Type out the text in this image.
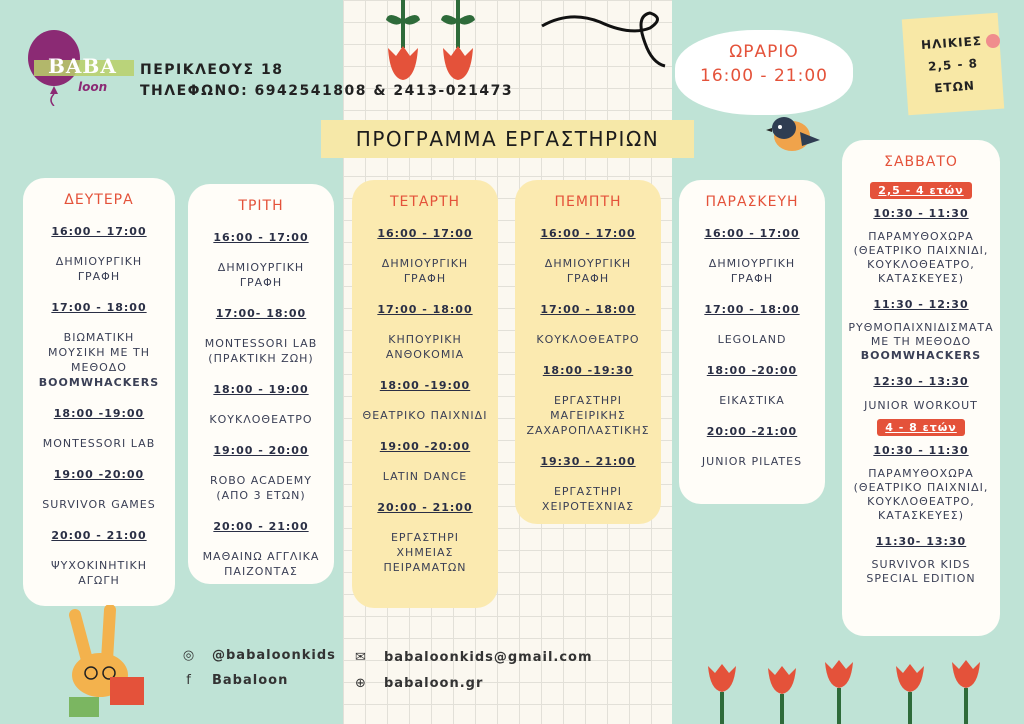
BABA
loon
ΠΕΡΙΚΛΕΟΥΣ 18
ΤΗΛΕΦΩΝΟ: 6942541808 & 2413-021473
ΠΡΟΓΡΑΜΜΑ ΕΡΓΑΣΤΗΡΙΩΝ
ΩΡΑΡΙΟ
16:00 - 21:00
ΗΛΙΚΙΕΣ
2,5 - 8
ΕΤΩΝ
ΔΕΥΤΕΡΑ
16:00 - 17:00
ΔΗΜΙΟΥΡΓΙΚΗ ΓΡΑΦΗ
17:00 - 18:00
ΒΙΩΜΑΤΙΚΗ ΜΟΥΣΙΚΗ ΜΕ ΤΗ ΜΕΘΟΔΟ
BOOMWHACKERS
18:00 -19:00
MONTESSORI LAB
19:00 -20:00
SURVIVOR GAMES
20:00 - 21:00
ΨΥΧΟΚΙΝΗΤΙΚΗ ΑΓΩΓΗ
ΤΡΙΤΗ
16:00 - 17:00
ΔΗΜΙΟΥΡΓΙΚΗ ΓΡΑΦΗ
17:00- 18:00
MONTESSORI LAB (ΠΡΑΚΤΙΚΗ ΖΩΗ)
18:00 - 19:00
ΚΟΥΚΛΟΘΕΑΤΡΟ
19:00 - 20:00
ROBO ACADEMY (ΑΠΟ 3 ΕΤΩΝ)
20:00 - 21:00
ΜΑΘΑΙΝΩ ΑΓΓΛΙΚΑ ΠΑΙΖΟΝΤΑΣ
ΤΕΤΑΡΤΗ
16:00 - 17:00
ΔΗΜΙΟΥΡΓΙΚΗ ΓΡΑΦΗ
17:00 - 18:00
ΚΗΠΟΥΡΙΚΗ ΑΝΘΟΚΟΜΙΑ
18:00 -19:00
ΘΕΑΤΡΙΚΟ ΠΑΙΧΝΙΔΙ
19:00 -20:00
LATIN DANCE
20:00 - 21:00
ΕΡΓΑΣΤΗΡΙ ΧΗΜΕΙΑΣ ΠΕΙΡΑΜΑΤΩΝ
ΠΕΜΠΤΗ
16:00 - 17:00
ΔΗΜΙΟΥΡΓΙΚΗ ΓΡΑΦΗ
17:00 - 18:00
ΚΟΥΚΛΟΘΕΑΤΡΟ
18:00 -19:30
ΕΡΓΑΣΤΗΡΙ ΜΑΓΕΙΡΙΚΗΣ ΖΑΧΑΡΟΠΛΑΣΤΙΚΗΣ
19:30 - 21:00
ΕΡΓΑΣΤΗΡΙ ΧΕΙΡΟΤΕΧΝΙΑΣ
ΠΑΡΑΣΚΕΥΗ
16:00 - 17:00
ΔΗΜΙΟΥΡΓΙΚΗ ΓΡΑΦΗ
17:00 - 18:00
LEGOLAND
18:00 -20:00
ΕΙΚΑΣΤΙΚΑ
20:00 -21:00
JUNIOR PILATES
ΣΑΒΒΑΤΟ
2,5 - 4 ετών
10:30 - 11:30
ΠΑΡΑΜΥΘΟΧΩΡΑ (ΘΕΑΤΡΙΚΟ ΠΑΙΧΝΙΔΙ, ΚΟΥΚΛΟΘΕΑΤΡΟ, ΚΑΤΑΣΚΕΥΕΣ)
11:30 - 12:30
ΡΥΘΜΟΠΑΙΧΝΙΔΙΣΜΑΤΑ ΜΕ ΤΗ ΜΕΘΟΔΟ
BOOMWHACKERS
12:30 - 13:30
JUNIOR WORKOUT
4 - 8 ετών
10:30 - 11:30
ΠΑΡΑΜΥΘΟΧΩΡΑ (ΘΕΑΤΡΙΚΟ ΠΑΙΧΝΙΔΙ, ΚΟΥΚΛΟΘΕΑΤΡΟ, ΚΑΤΑΣΚΕΥΕΣ)
11:30- 13:30
SURVIVOR KIDS SPECIAL EDITION
◎ @babaloonkids
f Babaloon
✉ babaloonkids@gmail.com
⊕ babaloon.gr
